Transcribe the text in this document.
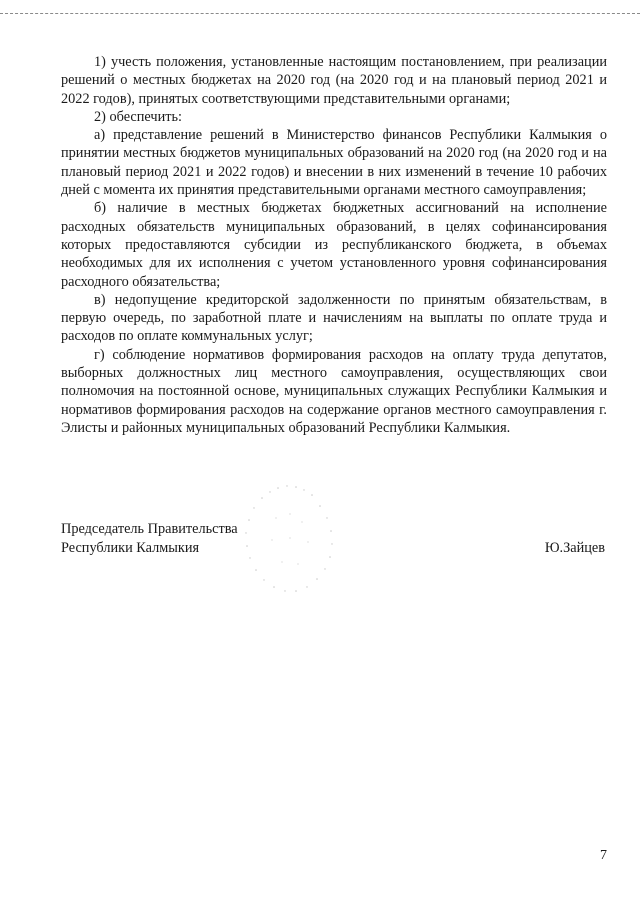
1) учесть положения, установленные настоящим постановлением, при реализации решений о местных бюджетах на 2020 год (на 2020 год и на плановый период 2021 и 2022 годов), принятых соответствующими представительными органами;

2) обеспечить:

а) представление решений в Министерство финансов Республики Калмыкия о принятии местных бюджетов муниципальных образований на 2020 год (на 2020 год и на плановый период 2021 и 2022 годов) и внесении в них изменений в течение 10 рабочих дней с момента их принятия представительными органами местного самоуправления;

б) наличие в местных бюджетах бюджетных ассигнований на исполнение расходных обязательств муниципальных образований, в целях софинансирования которых предоставляются субсидии из республиканского бюджета, в объемах необходимых для их исполнения с учетом установленного уровня софинансирования расходного обязательства;

в) недопущение кредиторской задолженности по принятым обязательствам, в первую очередь, по заработной плате и начислениям на выплаты по оплате труда и расходов по оплате коммунальных услуг;

г) соблюдение нормативов формирования расходов на оплату труда депутатов, выборных должностных лиц местного самоуправления, осуществляющих свои полномочия на постоянной основе, муниципальных служащих Республики Калмыкия и нормативов формирования расходов на содержание органов местного самоуправления г. Элисты и районных муниципальных образований Республики Калмыкия.

Председатель Правительства
Республики Калмыкия	Ю.Зайцев
7
